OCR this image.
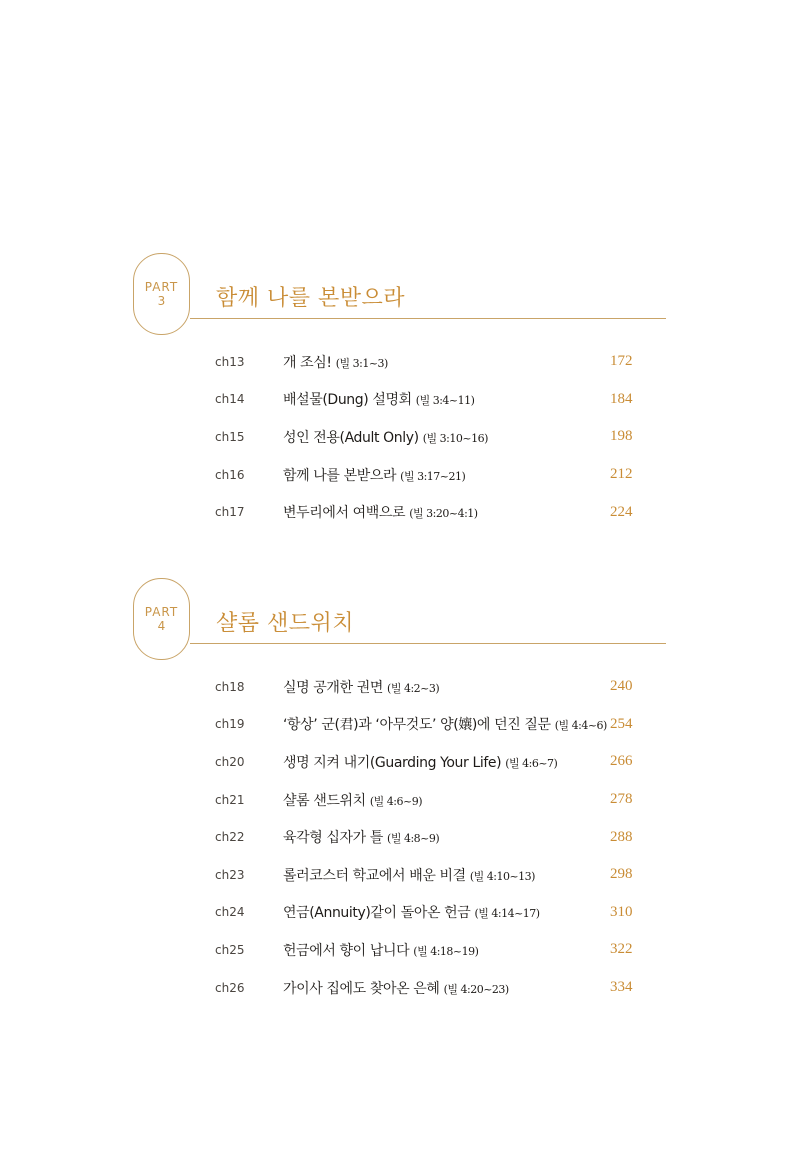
PART
3 함께 나를 본받으라
ch13	개 조심! (빌 3:1~3)	172
ch14	배설물(Dung) 설명회 (빌 3:4~11)	184
ch15	성인 전용(Adult Only) (빌 3:10~16)	198
ch16	함께 나를 본받으라 (빌 3:17~21)	212
ch17	변두리에서 여백으로 (빌 3:20~4:1)	224
PART
4 샬롬 샌드위치
ch18	실명 공개한 권면 (빌 4:2~3)	240
ch19	‘항상’ 군(君)과 ‘아무것도’ 양(孃)에 던진 질문 (빌 4:4~6) 254
ch20	생명 지켜 내기(Guarding Your Life) (빌 4:6~7)	266
ch21	샬롬 샌드위치 (빌 4:6~9)	278
ch22	육각형 십자가 틀 (빌 4:8~9)	288
ch23	롤러코스터 학교에서 배운 비결 (빌 4:10~13)	298
ch24	연금(Annuity)같이 돌아온 헌금 (빌 4:14~17)	310
ch25	헌금에서 향이 납니다 (빌 4:18~19)	322
ch26	가이사 집에도 찾아온 은혜 (빌 4:20~23)	334
